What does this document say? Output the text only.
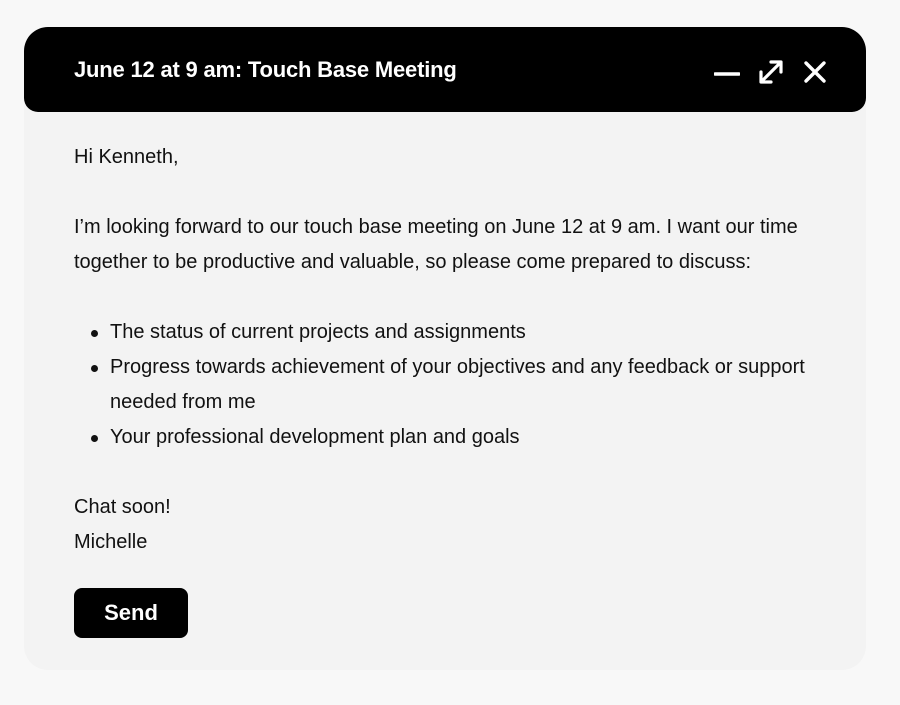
June 12 at 9 am: Touch Base Meeting

Hi Kenneth,

I’m looking forward to our touch base meeting on June 12 at 9 am. I want our time together to be productive and valuable, so please come prepared to discuss:

The status of current projects and assignments
Progress towards achievement of your objectives and any feedback or support needed from me
Your professional development plan and goals

Chat soon!

Michelle

Send
